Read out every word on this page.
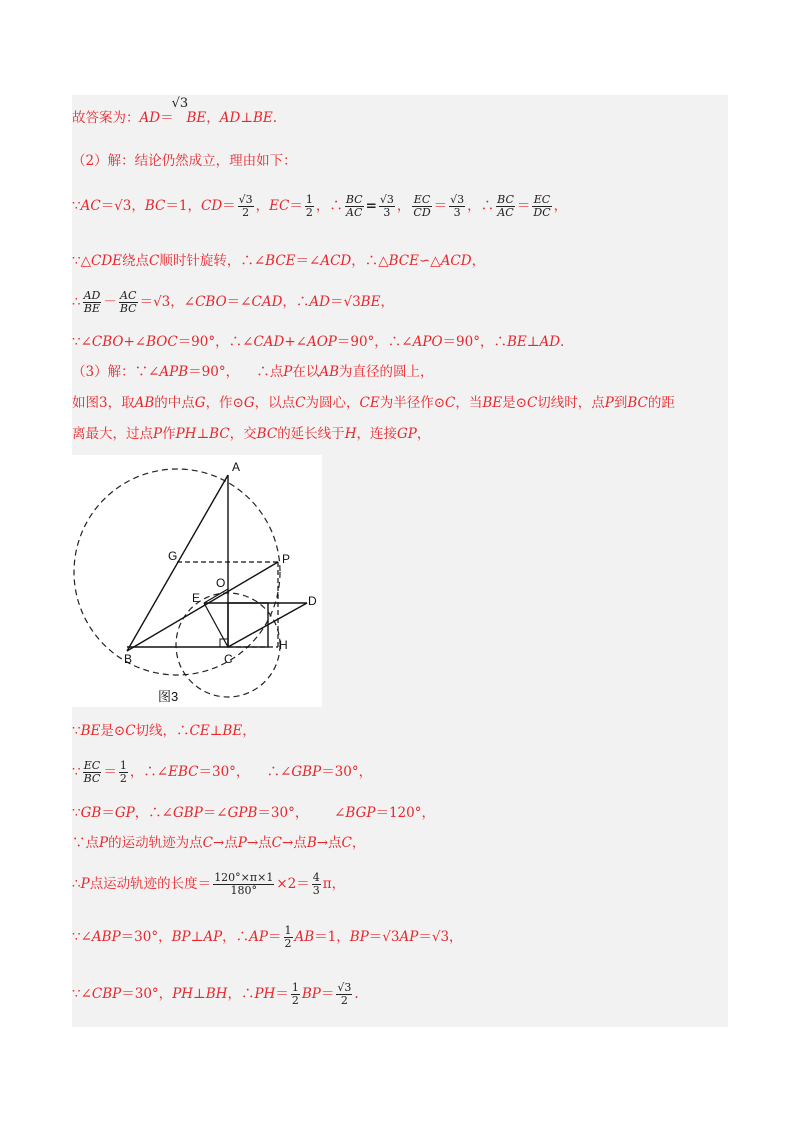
故答案为：AD＝
√3
BE，AD⊥BE.
（2）解：结论仍然成立，理由如下：
∵AC＝√3，BC＝1，$CD= \frac{√3}{2}$ ，$EC= \frac{1}{2}$ ，∴ $\frac{BC}{AC} = \frac{√3}{3}$ ， $\frac{EC}{CD} = \frac{√3}{3}$ ，∴ $\frac{BC}{AC} = \frac{EC}{DC}$ ，
∵△CDE绕点C顺时针旋转，∴∠BCE＝∠ACD，∴△BCE∽△ACD，
∴ $\frac{AD}{BE} - \frac{AC}{BC} =√3$，∠CBO＝∠CAD，∴AD＝√3BE，
∵∠CBO+∠BOC＝90°，∴∠CAD+∠AOP＝90°，∴∠APO＝90°，∴BE⊥AD.
（3）解：∵∠APB＝90°，    ∴点P在以AB为直径的圆上，
如图3，取AB的中点G，作⊙G，以点C为圆心，CE为半径作⊙C，当BE是⊙C切线时，点P到BC的距
离最大，过点P作PH⊥BC，交BC的延长线于H，连接GP，
A
G	P
O
E	D
B	C
H
图3
∵BE是⊙C切线，∴CE⊥BE，
∵ $\frac{EC}{BC} = \frac{1}{2}$ ，∴∠EBC＝30°，    ∴∠GBP＝30°，
∵GB＝GP，∴∠GBP＝∠GPB＝30°，      ∠BGP＝120°，
∵点P的运动轨迹为点C→点P→点C→点B→点C，
∴P点运动轨迹的长度＝ $\frac{120^\circ\times\pi\times 1}{180^\circ} \times 2= \frac{4}{3}$ π，
∵∠ABP＝30°，BP⊥AP，∴AP＝ $\frac{1}{2} AB=1$，BP＝√3AP＝√3，
∵∠CBP＝30°，PH⊥BH，∴PH＝ $\frac{1}{2} BP= \frac{√3}{2}$ .
